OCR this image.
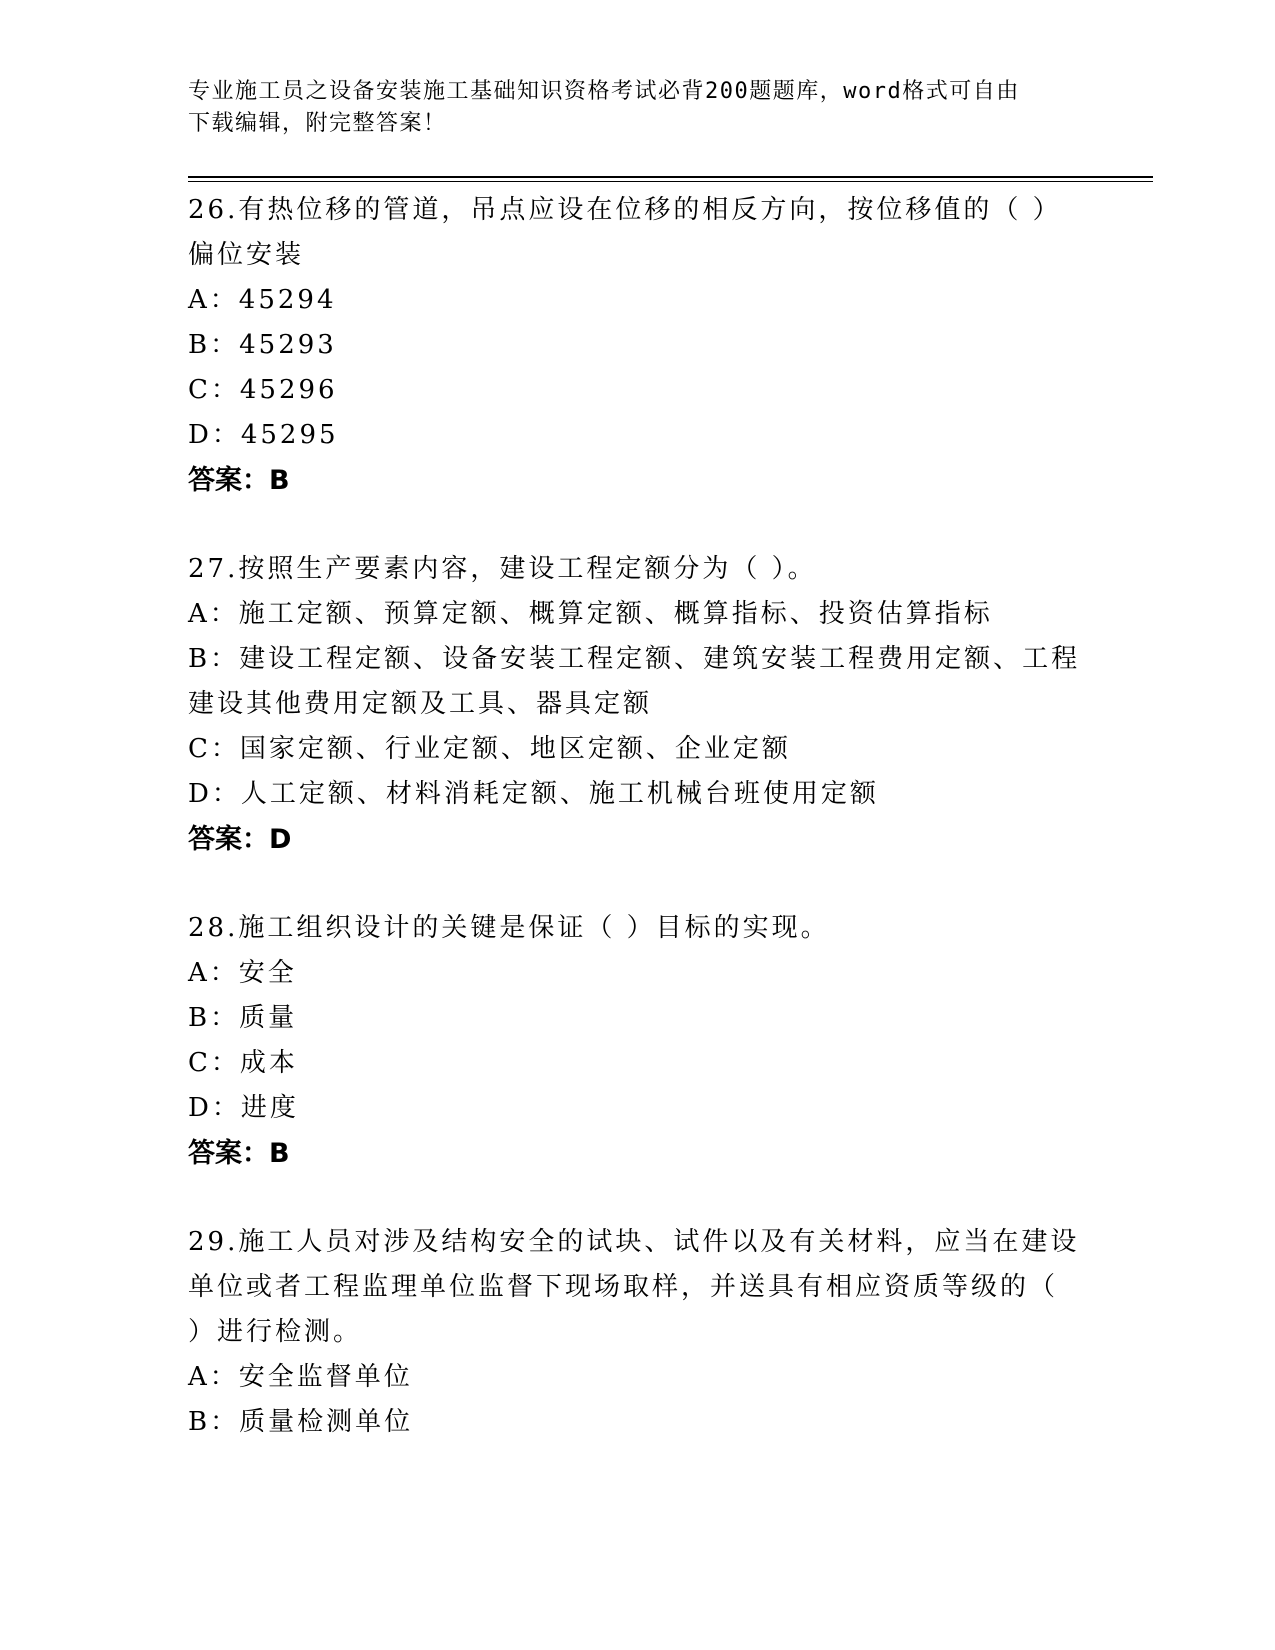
专业施工员之设备安装施工基础知识资格考试必背200题题库，word格式可自由
下载编辑，附完整答案！

26.有热位移的管道，吊点应设在位移的相反方向，按位移值的（ ）

偏位安装

A：45294

B：45293

C：45296

D：45295

答案：B

27.按照生产要素内容，建设工程定额分为（ ）。

A：施工定额、预算定额、概算定额、概算指标、投资估算指标

B：建设工程定额、设备安装工程定额、建筑安装工程费用定额、工程

建设其他费用定额及工具、器具定额

C：国家定额、行业定额、地区定额、企业定额

D：人工定额、材料消耗定额、施工机械台班使用定额

答案：D

28.施工组织设计的关键是保证（ ）目标的实现。

A：安全

B：质量

C：成本

D：进度

答案：B

29.施工人员对涉及结构安全的试块、试件以及有关材料，应当在建设

单位或者工程监理单位监督下现场取样，并送具有相应资质等级的（

）进行检测。

A：安全监督单位

B：质量检测单位
